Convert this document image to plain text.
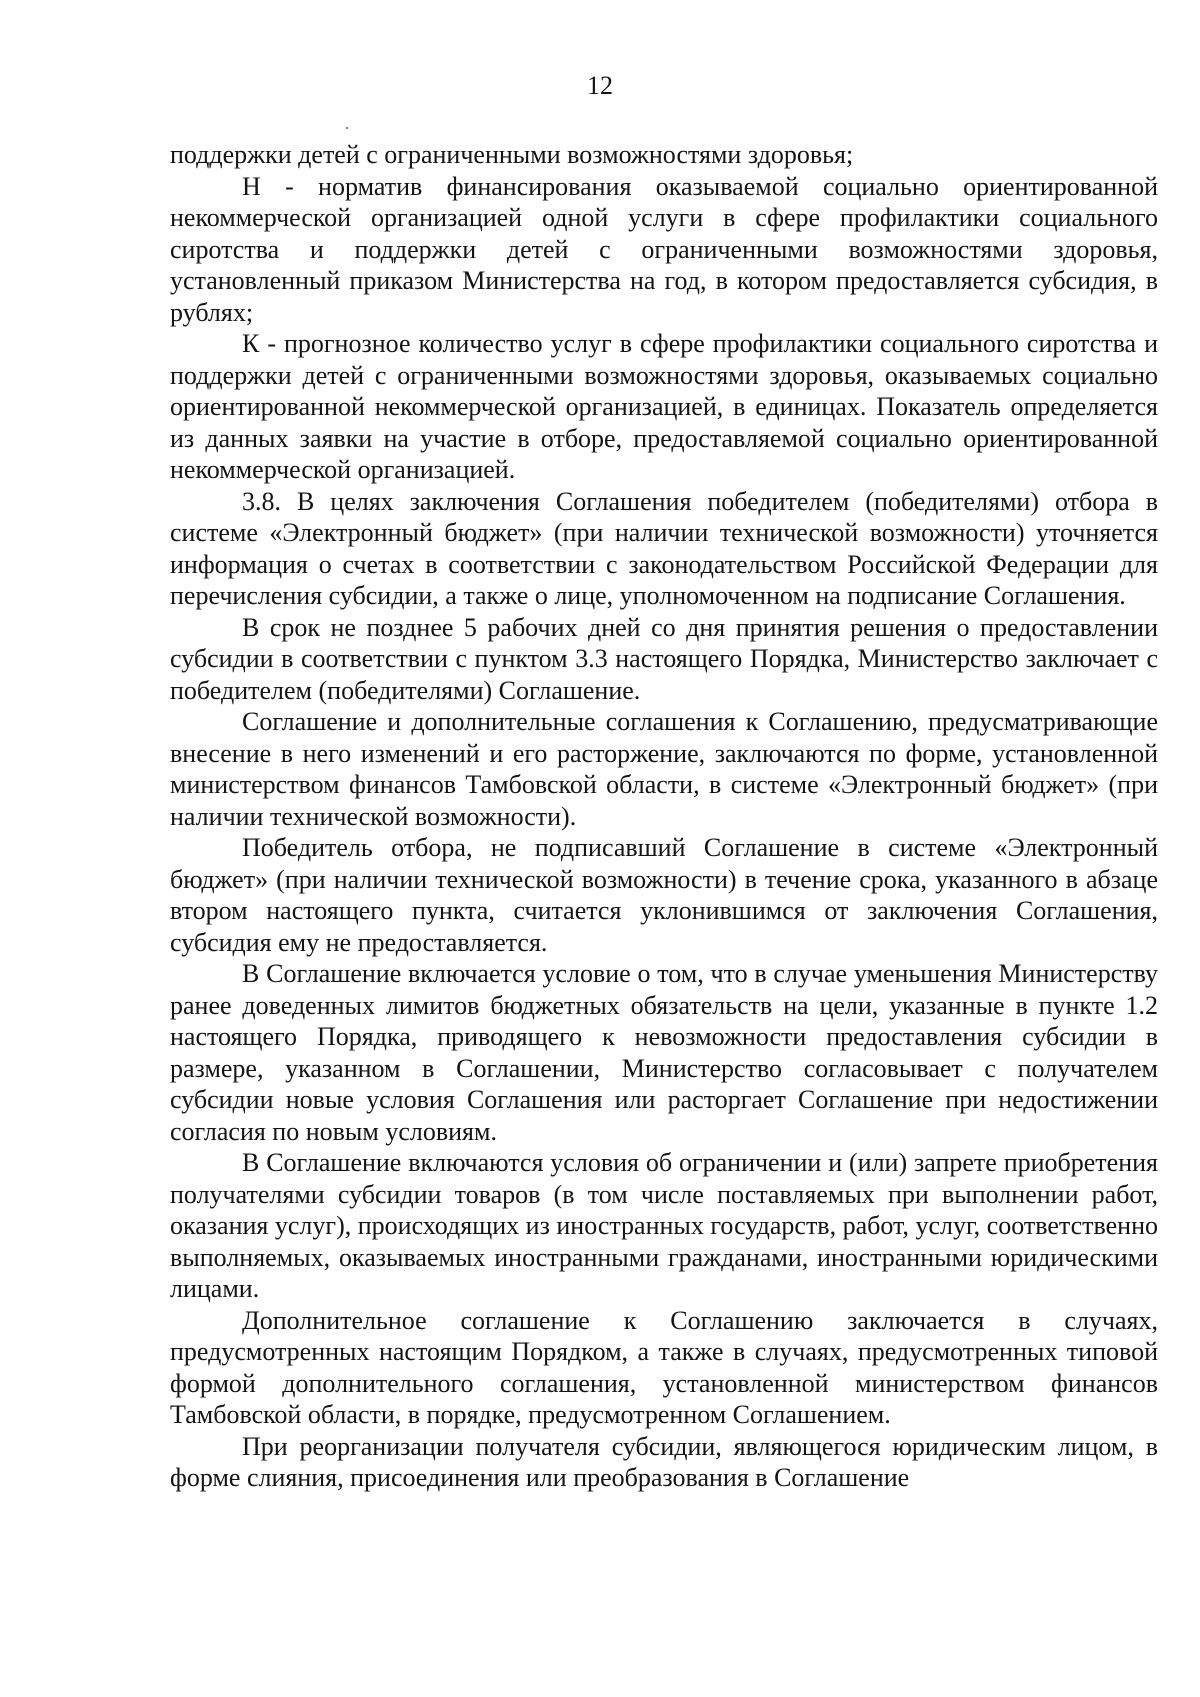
12

поддержки детей с ограниченными возможностями здоровья;

Н - норматив финансирования оказываемой социально ориентированной некоммерческой организацией одной услуги в сфере профилактики социального сиротства и поддержки детей с ограниченными возможностями здоровья, установленный приказом Министерства на год, в котором предоставляется субсидия, в рублях;

К - прогнозное количество услуг в сфере профилактики социального сиротства и поддержки детей с ограниченными возможностями здоровья, оказываемых социально ориентированной некоммерческой организацией, в единицах. Показатель определяется из данных заявки на участие в отборе, предоставляемой социально ориентированной некоммерческой организацией.

3.8. В целях заключения Соглашения победителем (победителями) отбора в системе «Электронный бюджет» (при наличии технической возможности) уточняется информация о счетах в соответствии с законодательством Российской Федерации для перечисления субсидии, а также о лице, уполномоченном на подписание Соглашения.

В срок не позднее 5 рабочих дней со дня принятия решения о предоставлении субсидии в соответствии с пунктом 3.3 настоящего Порядка, Министерство заключает с победителем (победителями) Соглашение.

Соглашение и дополнительные соглашения к Соглашению, предусматривающие внесение в него изменений и его расторжение, заключаются по форме, установленной министерством финансов Тамбовской области, в системе «Электронный бюджет» (при наличии технической возможности).

Победитель отбора, не подписавший Соглашение в системе «Электронный бюджет» (при наличии технической возможности) в течение срока, указанного в абзаце втором настоящего пункта, считается уклонившимся от заключения Соглашения, субсидия ему не предоставляется.

В Соглашение включается условие о том, что в случае уменьшения Министерству ранее доведенных лимитов бюджетных обязательств на цели, указанные в пункте 1.2 настоящего Порядка, приводящего к невозможности предоставления субсидии в размере, указанном в Соглашении, Министерство согласовывает с получателем субсидии новые условия Соглашения или расторгает Соглашение при недостижении согласия по новым условиям.

В Соглашение включаются условия об ограничении и (или) запрете приобретения получателями субсидии товаров (в том числе поставляемых при выполнении работ, оказания услуг), происходящих из иностранных государств, работ, услуг, соответственно выполняемых, оказываемых иностранными гражданами, иностранными юридическими лицами.

Дополнительное соглашение к Соглашению заключается в случаях, предусмотренных настоящим Порядком, а также в случаях, предусмотренных типовой формой дополнительного соглашения, установленной министерством финансов Тамбовской области, в порядке, предусмотренном Соглашением.

При реорганизации получателя субсидии, являющегося юридическим лицом, в форме слияния, присоединения или преобразования в Соглашение
